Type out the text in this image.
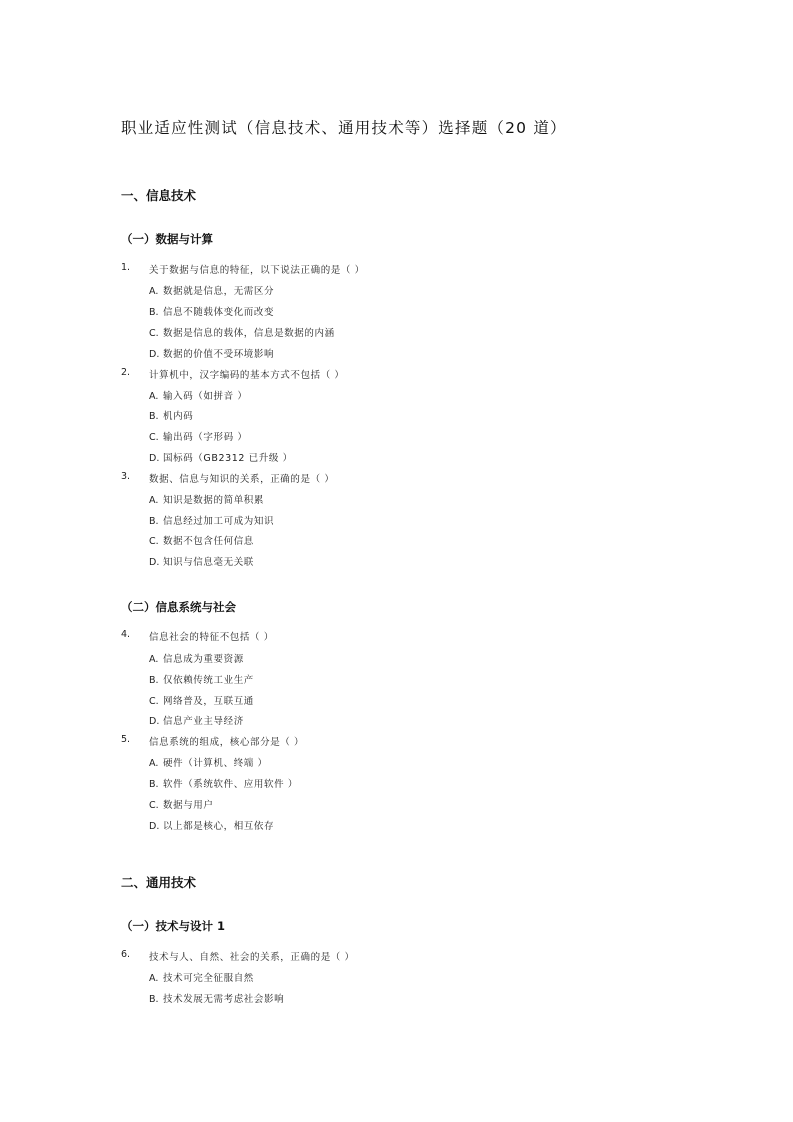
职业适应性测试（信息技术、通用技术等）选择题（20 道）
一、信息技术
（一）数据与计算
1. 关于数据与信息的特征，以下说法正确的是（ ）
A. 数据就是信息，无需区分
B. 信息不随载体变化而改变
C. 数据是信息的载体，信息是数据的内涵
D. 数据的价值不受环境影响
2. 计算机中，汉字编码的基本方式不包括（ ）
A. 输入码（如拼音 ）
B. 机内码
C. 输出码（字形码 ）
D. 国标码（GB2312 已升级 ）
3. 数据、信息与知识的关系，正确的是（ ）
A. 知识是数据的简单积累
B. 信息经过加工可成为知识
C. 数据不包含任何信息
D. 知识与信息毫无关联
（二）信息系统与社会
4. 信息社会的特征不包括（ ）
A. 信息成为重要资源
B. 仅依赖传统工业生产
C. 网络普及，互联互通
D. 信息产业主导经济
5. 信息系统的组成，核心部分是（ ）
A. 硬件（计算机、终端 ）
B. 软件（系统软件、应用软件 ）
C. 数据与用户
D. 以上都是核心，相互依存
二、通用技术
（一）技术与设计 1
6. 技术与人、自然、社会的关系，正确的是（ ）
A. 技术可完全征服自然
B. 技术发展无需考虑社会影响
